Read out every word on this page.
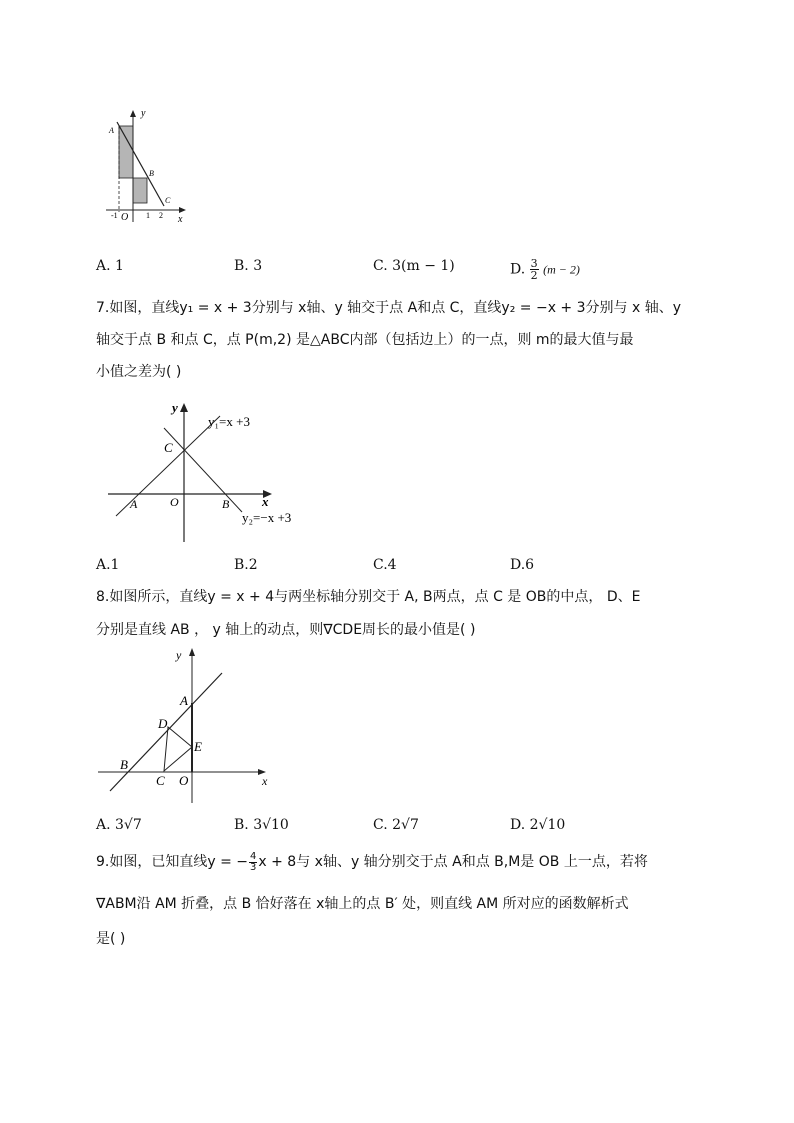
y
x
A
B
C
O
-1	1 2
A. 1	B. 3	C. 3(m − 1)	D. $\frac{3}{2} (m - 2)$
7.如图，直线y₁ = x + 3分别与 x轴、y 轴交于点 A和点 C，直线y₂ = −x + 3分别与 x 轴、y
轴交于点 B 和点 C，点 P(m,2) 是△ABC内部（包括边上）的一点，则 m的最大值与最
小值之差为( )
y
x
C
A	O	B
y₁=x +3
y₂=−x +3
A.1	B.2	C.4	D.6
8.如图所示，直线y = x + 4与两坐标轴分别交于 A, B两点，点 C 是 OB的中点， D、E
分别是直线 AB ， y 轴上的动点，则∇CDE周长的最小值是( )
y
x
A
D
E
B
C O
A. 3√7	B. 3√10	C. 2√7	D. 2√10
9.如图，已知直线y = − $\frac{4}{3}$ x + 8与 x轴、y 轴分别交于点 A和点 B,M是 OB 上一点，若将
∇ABM沿 AM 折叠，点 B 恰好落在 x轴上的点 B′ 处，则直线 AM 所对应的函数解析式
是( )
